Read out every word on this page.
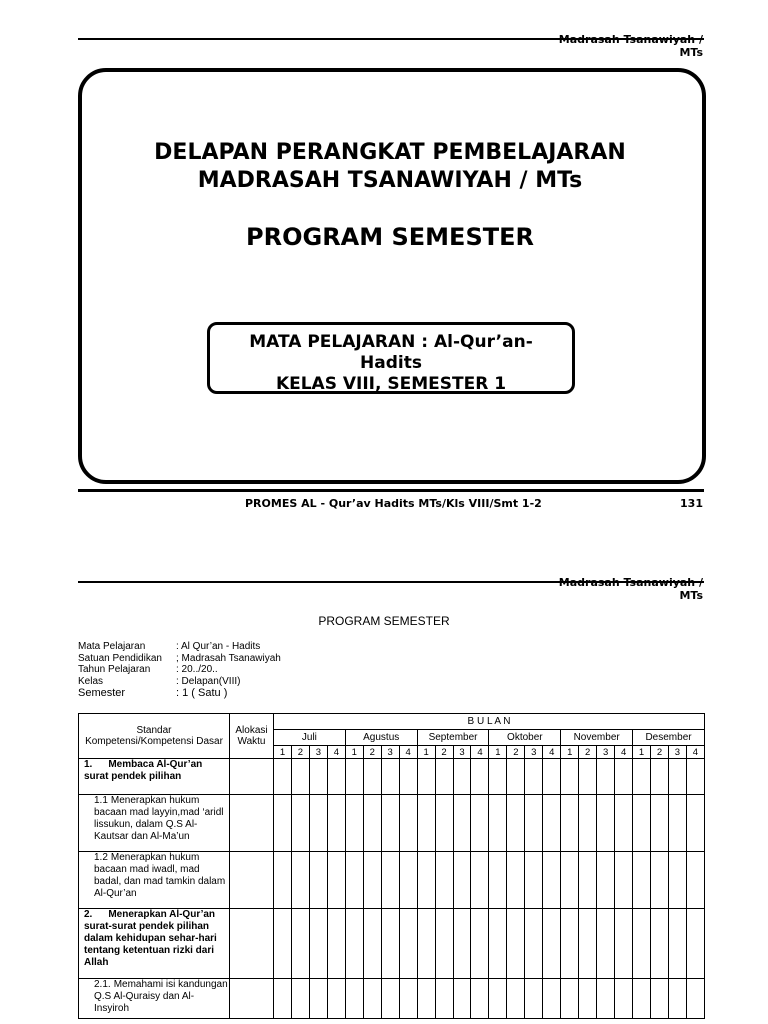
Madrasah Tsanawiyah /
MTs
DELAPAN PERANGKAT PEMBELAJARAN
MADRASAH TSANAWIYAH / MTs
PROGRAM SEMESTER
MATA PELAJARAN : Al-Qur’an-
Hadits
KELAS VIII, SEMESTER 1
PROMES AL - Qur’av Hadits MTs/Kls VIII/Smt 1-2	131
Madrasah Tsanawiyah /
MTs
PROGRAM SEMESTER
Mata Pelajaran	: Al Qur’an - Hadits
Satuan Pendidikan ; Madrasah Tsanawiyah
Tahun Pelajaran	: 20../20..
Kelas	: Delapan(VIII)
Semester	: 1 ( Satu )
Standar Kompetensi/Kompetensi Dasar	Alokasi Waktu	B U L A N																							
		Juli				Agustus				September				Oktober				November				Desember			
		1	2	3	4	1	2	3	4	1	2	3	4	1	2	3	4	1	2	3	4	1	2	3	4
1. Membaca Al-Qur’an surat pendek pilihan																									
1.1 Menerapkan hukum bacaan mad layyin,mad ‘aridl lissukun, dalam Q.S Al-Kautsar dan Al-Ma’un																									
1.2 Menerapkan hukum bacaan mad iwadl, mad badal, dan mad tamkin dalam Al-Qur’an																									
2. Menerapkan Al-Qur’an surat-surat pendek pilihan dalam kehidupan sehar-hari tentang ketentuan rizki dari Allah																									
2.1. Memahami isi kandungan Q.S Al-Quraisy dan Al-Insyiroh																									
